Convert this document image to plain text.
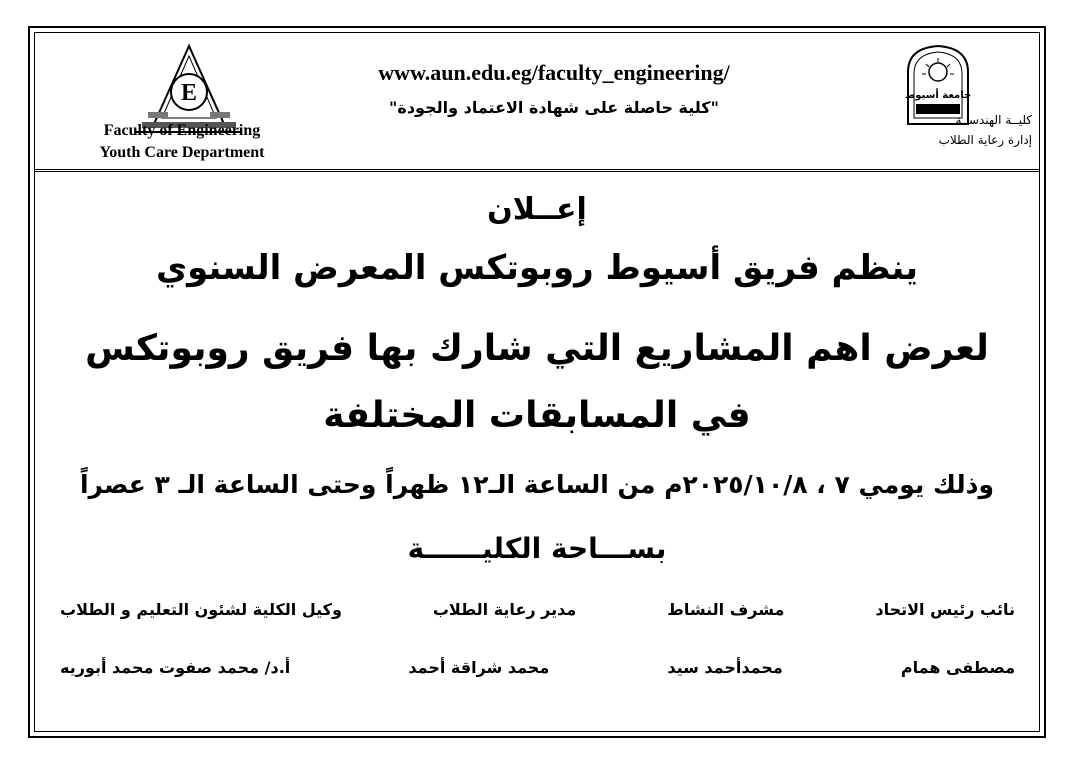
E
Faculty of Engineering
Youth Care Department
www.aun.edu.eg/faculty_engineering/
"كلية حاصلة على شهادة الاعتماد والجودة"
جامعة أسيوط
كليــة الهندســة
إدارة رعاية الطلاب
إعــلان
ينظم فريق أسيوط روبوتكس المعرض السنوي
لعرض اهم المشاريع التي شارك بها فريق روبوتكس
في المسابقات المختلفة
وذلك يومي ٧ ، ٢٠٢٥/١٠/٨م من الساعة الـ١٢ ظهراً وحتى الساعة الـ ٣ عصراً
بســـاحة الكليــــــة
نائب رئيس الاتحاد
مشرف النشاط
مدير رعاية الطلاب
وكيل الكلية لشئون التعليم و الطلاب
مصطفى همام
محمدأحمد سيد
محمد شراقة أحمد
أ.د/ محمد صفوت محمد أبوريه
